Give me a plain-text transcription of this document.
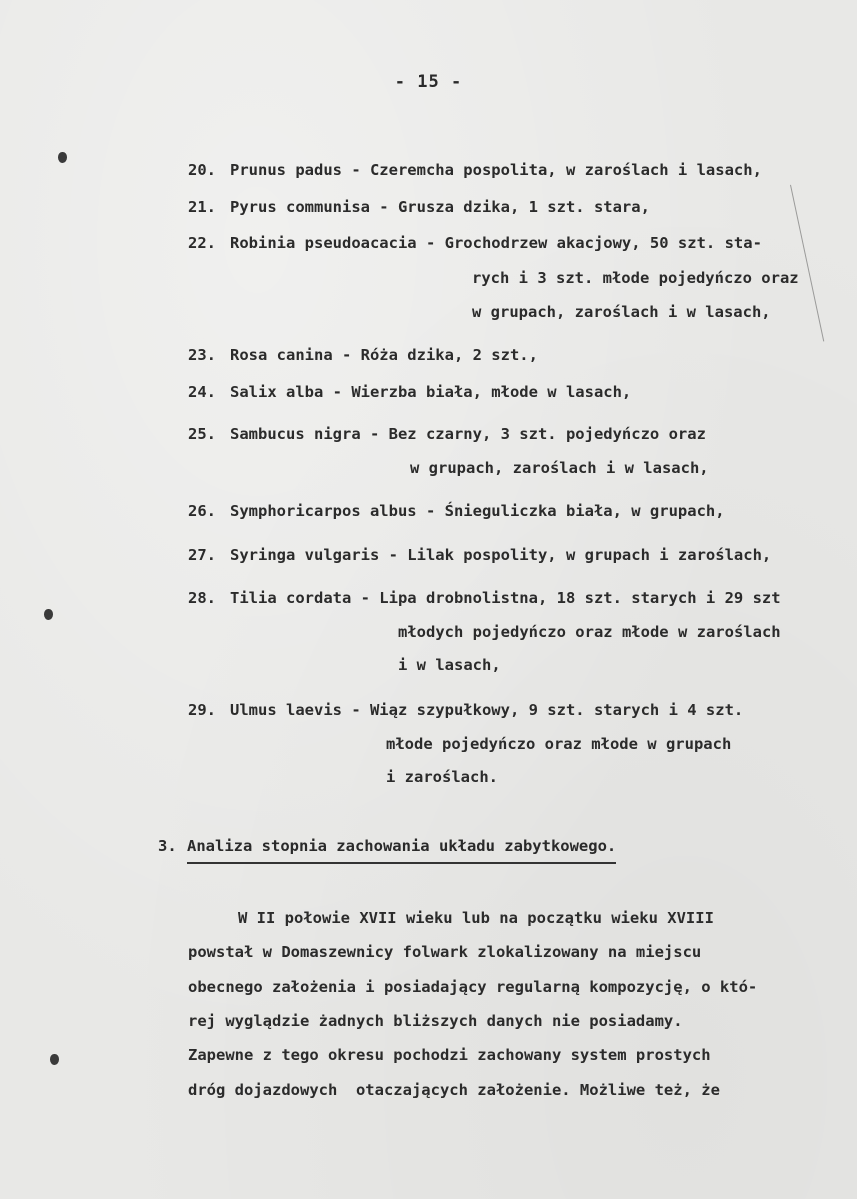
- 15 -
20. Prunus padus - Czeremcha pospolita, w zaroślach i lasach,
21. Pyrus communisa - Grusza dzika, 1 szt. stara,
22. Robinia pseudoacacia - Grochodrzew akacjowy, 50 szt. sta-
rych i 3 szt. młode pojedyńczo oraz
w grupach, zaroślach i w lasach,
23. Rosa canina - Róża dzika, 2 szt.,
24. Salix alba - Wierzba biała, młode w lasach,
25. Sambucus nigra - Bez czarny, 3 szt. pojedyńczo oraz
w grupach, zaroślach i w lasach,
26. Symphoricarpos albus - Śnieguliczka biała, w grupach,
27. Syringa vulgaris - Lilak pospolity, w grupach i zaroślach,
28. Tilia cordata - Lipa drobnolistna, 18 szt. starych i 29 szt
młodych pojedyńczo oraz młode w zaroślach
i w lasach,
29. Ulmus laevis - Wiąz szypułkowy, 9 szt. starych i 4 szt.
młode pojedyńczo oraz młode w grupach
i zaroślach.
3. Analiza stopnia zachowania układu zabytkowego.
W II połowie XVII wieku lub na początku wieku XVIII
powstał w Domaszewnicy folwark zlokalizowany na miejscu
obecnego założenia i posiadający regularną kompozycję, o któ-
rej wyglądzie żadnych bliższych danych nie posiadamy.
Zapewne z tego okresu pochodzi zachowany system prostych
dróg dojazdowych  otaczających założenie. Możliwe też, że
